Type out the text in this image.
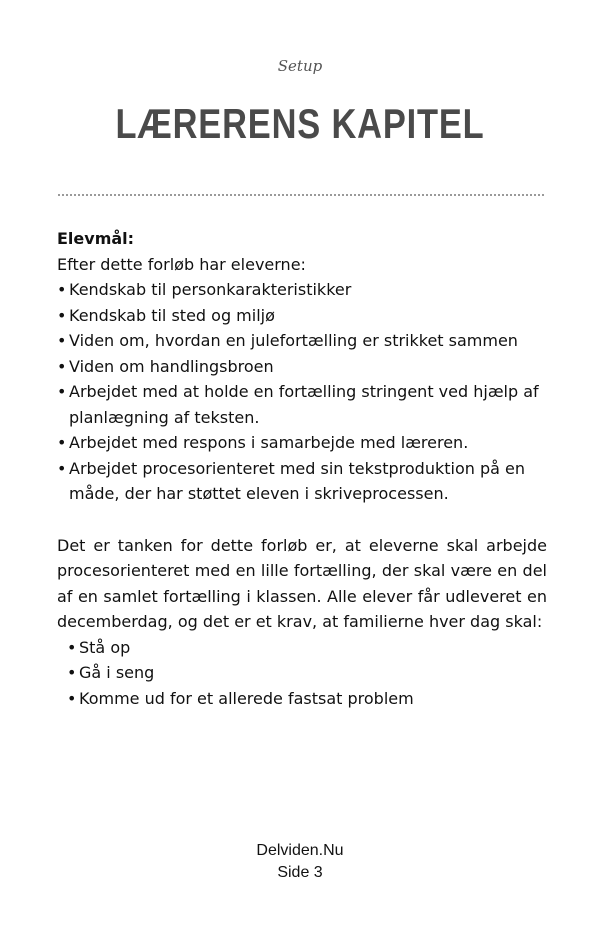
Setup
LÆRERENS KAPITEL
Elevmål:
Efter dette forløb har eleverne:
• Kendskab til personkarakteristikker
• Kendskab til sted og miljø
• Viden om, hvordan en julefortælling er strikket sammen
• Viden om handlingsbroen
• Arbejdet med at holde en fortælling stringent ved hjælp af planlægning af teksten.
• Arbejdet med respons i samarbejde med læreren.
• Arbejdet procesorienteret med sin tekstproduktion på en måde, der har støttet eleven i skriveprocessen.
Det er tanken for dette forløb er, at eleverne skal arbejde procesorienteret med en lille fortælling, der skal være en del af en samlet fortælling i klassen. Alle elever får udleveret en decemberdag, og det er et krav, at familierne hver dag skal:
• Stå op
• Gå i seng
• Komme ud for et allerede fastsat problem
Delviden.Nu
Side 3
